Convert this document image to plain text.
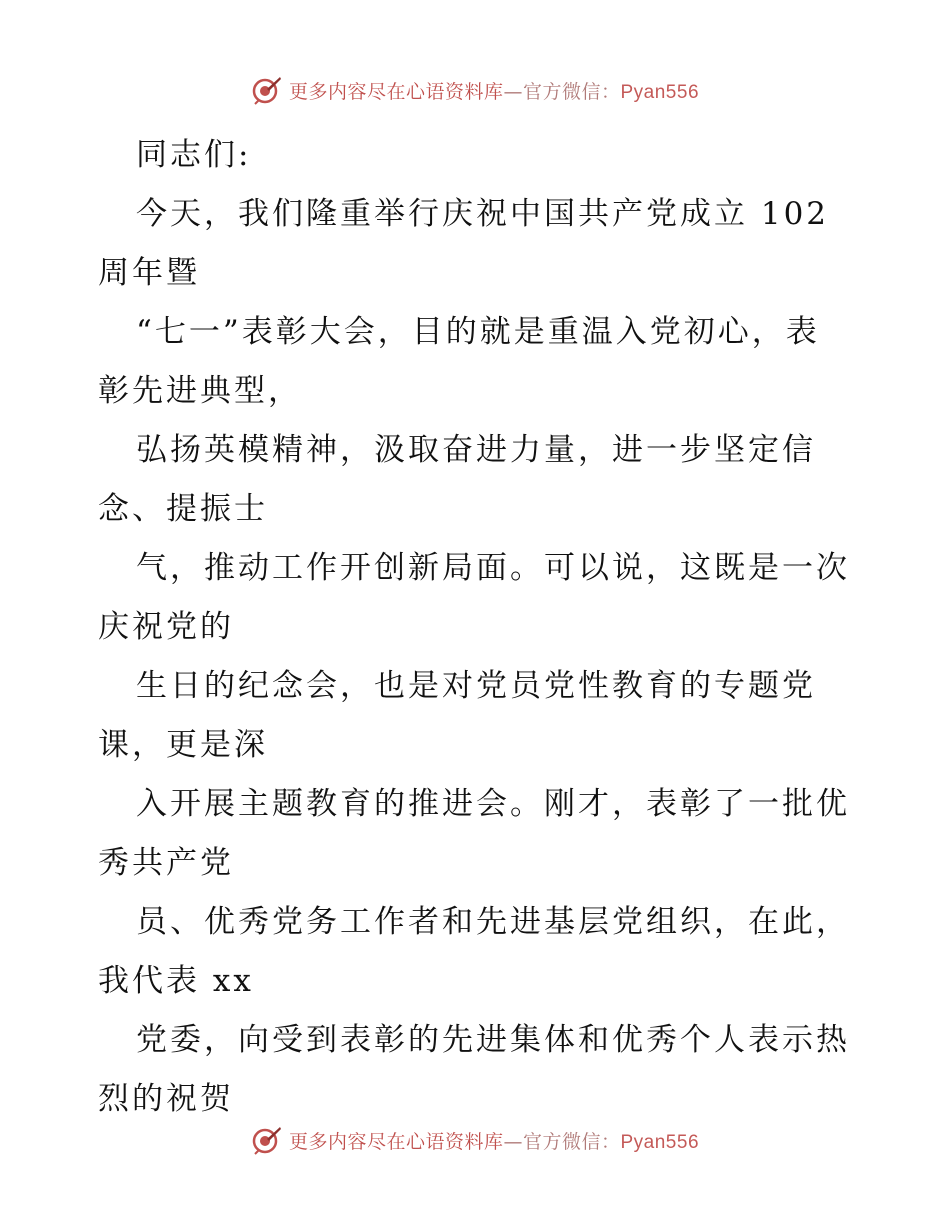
更多内容尽在心语资料库—官方微信：Pyan556
同志们:
今天，我们隆重举行庆祝中国共产党成立 102
周年暨
“七一”表彰大会，目的就是重温入党初心，表
彰先进典型，
弘扬英模精神，汲取奋进力量，进一步坚定信
念、提振士
气，推动工作开创新局面。可以说，这既是一次
庆祝党的
生日的纪念会，也是对党员党性教育的专题党
课，更是深
入开展主题教育的推进会。刚才，表彰了一批优
秀共产党
员、优秀党务工作者和先进基层党组织，在此，
我代表 xx
党委，向受到表彰的先进集体和优秀个人表示热
烈的祝贺
更多内容尽在心语资料库—官方微信：Pyan556
